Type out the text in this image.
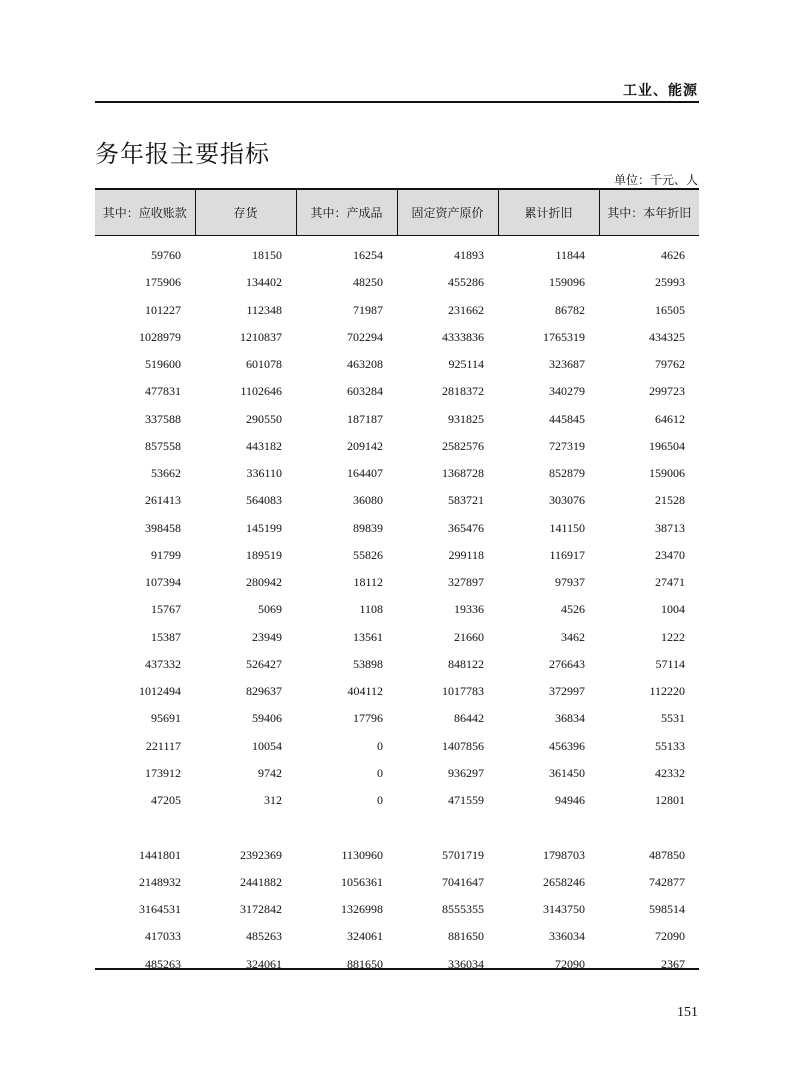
工业、能源
务年报主要指标
单位：千元、人
其中：应收账款	存货	其中：产成品	固定资产原价	累计折旧	其中：本年折旧
59760	18150	16254	41893	11844	4626
175906	134402	48250	455286	159096	25993
101227	112348	71987	231662	86782	16505
1028979	1210837	702294	4333836	1765319	434325
519600	601078	463208	925114	323687	79762
477831	1102646	603284	2818372	340279	299723
337588	290550	187187	931825	445845	64612
857558	443182	209142	2582576	727319	196504
53662	336110	164407	1368728	852879	159006
261413	564083	36080	583721	303076	21528
398458	145199	89839	365476	141150	38713
91799	189519	55826	299118	116917	23470
107394	280942	18112	327897	97937	27471
15767	5069	1108	19336	4526	1004
15387	23949	13561	21660	3462	1222
437332	526427	53898	848122	276643	57114
1012494	829637	404112	1017783	372997	112220
95691	59406	17796	86442	36834	5531
221117	10054	0	1407856	456396	55133
173912	9742	0	936297	361450	42332
47205	312	0	471559	94946	12801

1441801	2392369	1130960	5701719	1798703	487850
2148932	2441882	1056361	7041647	2658246	742877
3164531	3172842	1326998	8555355	3143750	598514
417033	485263	324061	881650	336034	72090
485263	324061	881650	336034	72090	2367
151
